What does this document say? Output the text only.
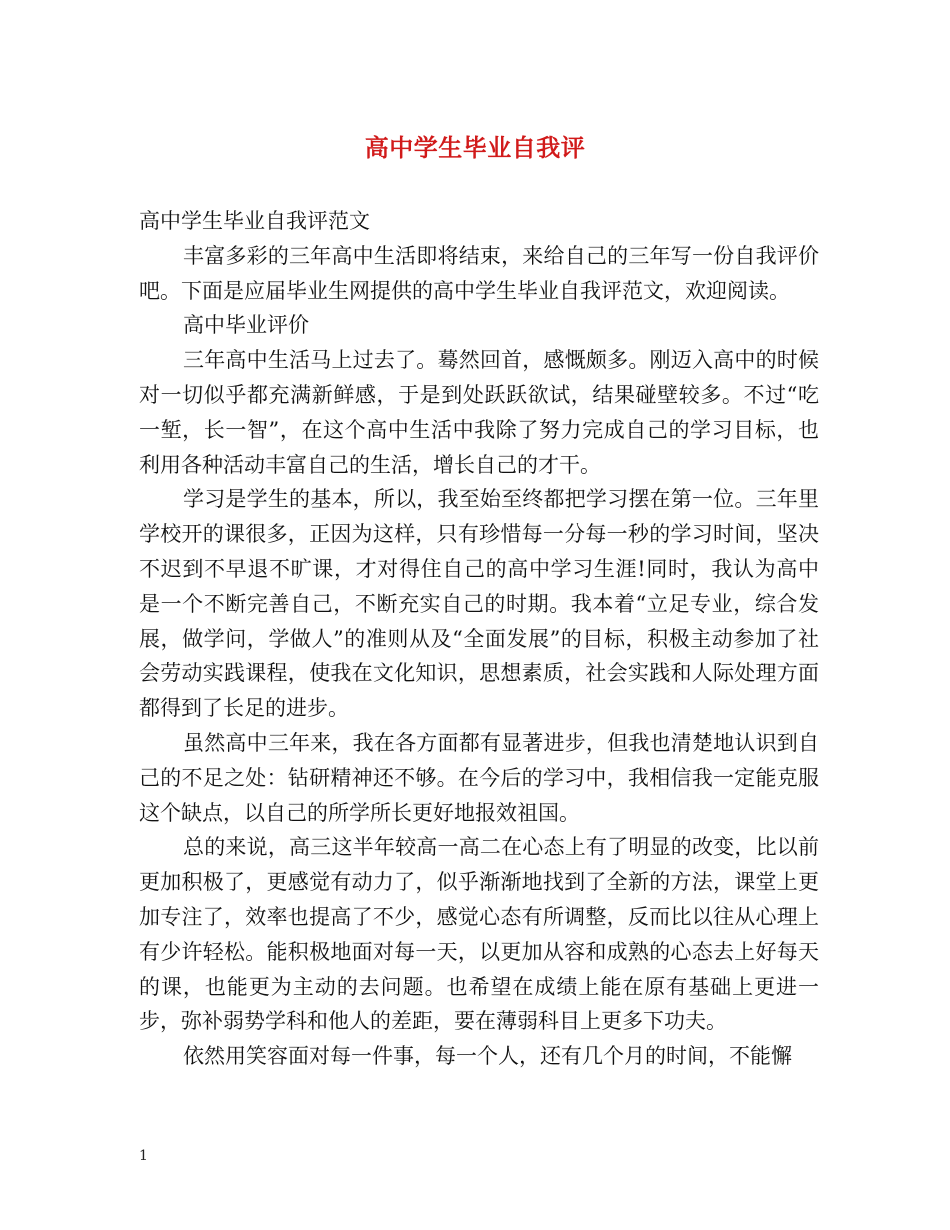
高中学生毕业自我评

高中学生毕业自我评范文

丰富多彩的三年高中生活即将结束，来给自己的三年写一份自我评价吧。下面是应届毕业生网提供的高中学生毕业自我评范文，欢迎阅读。

高中毕业评价

三年高中生活马上过去了。蓦然回首，感慨颇多。刚迈入高中的时候对一切似乎都充满新鲜感，于是到处跃跃欲试，结果碰壁较多。不过“吃一堑，长一智”，在这个高中生活中我除了努力完成自己的学习目标，也利用各种活动丰富自己的生活，增长自己的才干。

学习是学生的基本，所以，我至始至终都把学习摆在第一位。三年里学校开的课很多，正因为这样，只有珍惜每一分每一秒的学习时间，坚决不迟到不早退不旷课，才对得住自己的高中学习生涯!同时，我认为高中是一个不断完善自己，不断充实自己的时期。我本着“立足专业，综合发展，做学问，学做人”的准则从及“全面发展”的目标，积极主动参加了社会劳动实践课程，使我在文化知识，思想素质，社会实践和人际处理方面都得到了长足的进步。

虽然高中三年来，我在各方面都有显著进步，但我也清楚地认识到自己的不足之处：钻研精神还不够。在今后的学习中，我相信我一定能克服这个缺点，以自己的所学所长更好地报效祖国。

总的来说，高三这半年较高一高二在心态上有了明显的改变，比以前更加积极了，更感觉有动力了，似乎渐渐地找到了全新的方法，课堂上更加专注了，效率也提高了不少，感觉心态有所调整，反而比以往从心理上有少许轻松。能积极地面对每一天，以更加从容和成熟的心态去上好每天的课，也能更为主动的去问题。也希望在成绩上能在原有基础上更进一步，弥补弱势学科和他人的差距，要在薄弱科目上更多下功夫。

依然用笑容面对每一件事，每一个人，还有几个月的时间，不能懈

1
